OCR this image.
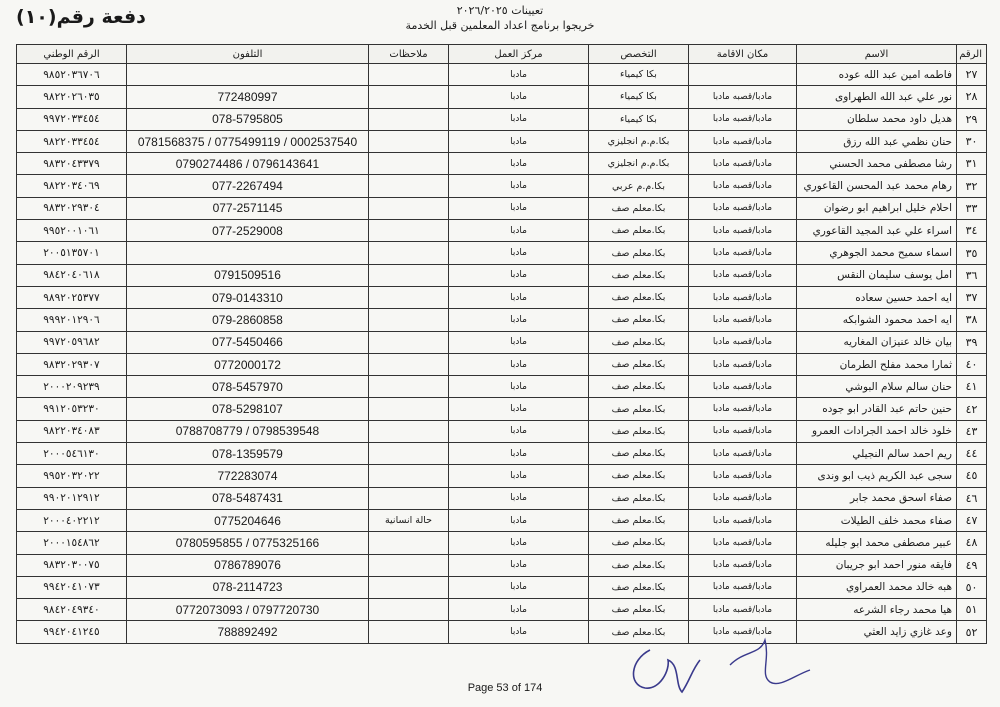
تعيينات ٢٠٢٦/٢٠٢٥
خريجوا برنامج اعداد المعلمين قبل الخدمة
دفعة رقم(١٠)
الرقم	الاسم	مكان الاقامة	التخصص	مركز العمل	ملاحظات	التلفون	الرقم الوطني
٢٧	فاطمه امين عبد الله عوده		بكا كيمياء	مادبا			٩٨٥٢٠٣٦٧٠٦
٢٨	نور علي عبد الله الطهراوى	مادبا/قصبه مادبا	بكا كيمياء	مادبا		772480997	٩٨٢٢٠٢٦٠٣٥
٢٩	هديل داود محمد سلطان	مادبا/قصبه مادبا	بكا كيمياء	مادبا		078-5795805	٩٩٧٢٠٣٣٤٥٤
٣٠	حنان نظمي عبد الله رزق	مادبا/قصبه مادبا	بكا.م.م انجليزي	مادبا		0781568375 / 0775499119 / 0002537540	٩٨٢٢٠٣٣٤٥٤
٣١	رشا مصطفى محمد الحسني	مادبا/قصبه مادبا	بكا.م.م انجليزي	مادبا		0790274486 / 0796143641	٩٨٣٢٠٤٣٣٧٩
٣٢	رهام محمد عبد المحسن القاعوري	مادبا/قصبه مادبا	بكا.م.م عربي	مادبا		077-2267494	٩٨٢٢٠٣٤٠٦٩
٣٣	احلام خليل ابراهيم ابو رضوان	مادبا/قصبه مادبا	بكا.معلم صف	مادبا		077-2571145	٩٨٣٢٠٢٩٣٠٤
٣٤	اسراء علي عبد المجيد القاعوري	مادبا/قصبه مادبا	بكا.معلم صف	مادبا		077-2529008	٩٩٥٢٠٠١٠٦١
٣٥	اسماء سميح محمد الجوهري	مادبا/قصبه مادبا	بكا.معلم صف	مادبا			٢٠٠٥١٣٥٧٠١
٣٦	امل يوسف سليمان النقس	مادبا/قصبه مادبا	بكا.معلم صف	مادبا		0791509516	٩٨٤٢٠٤٠٦١٨
٣٧	ايه احمد حسين سعاده	مادبا/قصبه مادبا	بكا.معلم صف	مادبا		079-0143310	٩٨٩٢٠٢٥٣٧٧
٣٨	ايه احمد محمود الشوابكه	مادبا/قصبه مادبا	بكا.معلم صف	مادبا		079-2860858	٩٩٩٢٠١٢٩٠٦
٣٩	بيان خالد عنيزان المغاريه	مادبا/قصبه مادبا	بكا.معلم صف	مادبا		077-5450466	٩٩٧٢٠٥٩٦٨٢
٤٠	ثمارا محمد مفلح الطرمان	مادبا/قصبه مادبا	بكا.معلم صف	مادبا		0772000172	٩٨٣٢٠٢٩٣٠٧
٤١	حنان سالم سلام البوشي	مادبا/قصبه مادبا	بكا.معلم صف	مادبا		078-5457970	٢٠٠٠٢٠٩٢٣٩
٤٢	حنين حاتم عبد القادر ابو جوده	مادبا/قصبه مادبا	بكا.معلم صف	مادبا		078-5298107	٩٩١٢٠٥٣٢٣٠
٤٣	خلود خالد احمد الجرادات العمرو	مادبا/قصبه مادبا	بكا.معلم صف	مادبا		0788708779 / 0798539548	٩٨٢٢٠٣٤٠٨٣
٤٤	ريم احمد سالم النجيلي	مادبا/قصبه مادبا	بكا.معلم صف	مادبا		078-1359579	٢٠٠٠٥٤٦١٣٠
٤٥	سجى عبد الكريم ذيب ابو وندى	مادبا/قصبه مادبا	بكا.معلم صف	مادبا		772283074	٩٩٥٢٠٣٢٠٢٢
٤٦	صفاء اسحق محمد جابر	مادبا/قصبه مادبا	بكا.معلم صف	مادبا		078-5487431	٩٩٠٢٠١٢٩١٢
٤٧	صفاء محمد خلف الطيلات	مادبا/قصبه مادبا	بكا.معلم صف	مادبا	حالة انسانية	0775204646	٢٠٠٠٤٠٢٢١٢
٤٨	عبير مصطفى محمد ابو جليله	مادبا/قصبه مادبا	بكا.معلم صف	مادبا		0780595855 / 0775325166	٢٠٠٠١٥٤٨٦٢
٤٩	فايقه منور احمد ابو جريبان	مادبا/قصبه مادبا	بكا.معلم صف	مادبا		0786789076	٩٨٣٢٠٣٠٠٧٥
٥٠	هبه خالد محمد العمراوي	مادبا/قصبه مادبا	بكا.معلم صف	مادبا		078-2114723	٩٩٤٢٠٤١٠٧٣
٥١	هيا محمد رجاء الشرعه	مادبا/قصبه مادبا	بكا.معلم صف	مادبا		0772073093 / 0797720730	٩٨٤٢٠٤٩٣٤٠
٥٢	وعد غازي زايد العثي	مادبا/قصبه مادبا	بكا.معلم صف	مادبا		788892492	٩٩٤٢٠٤١٢٤٥
Page 53 of 174
